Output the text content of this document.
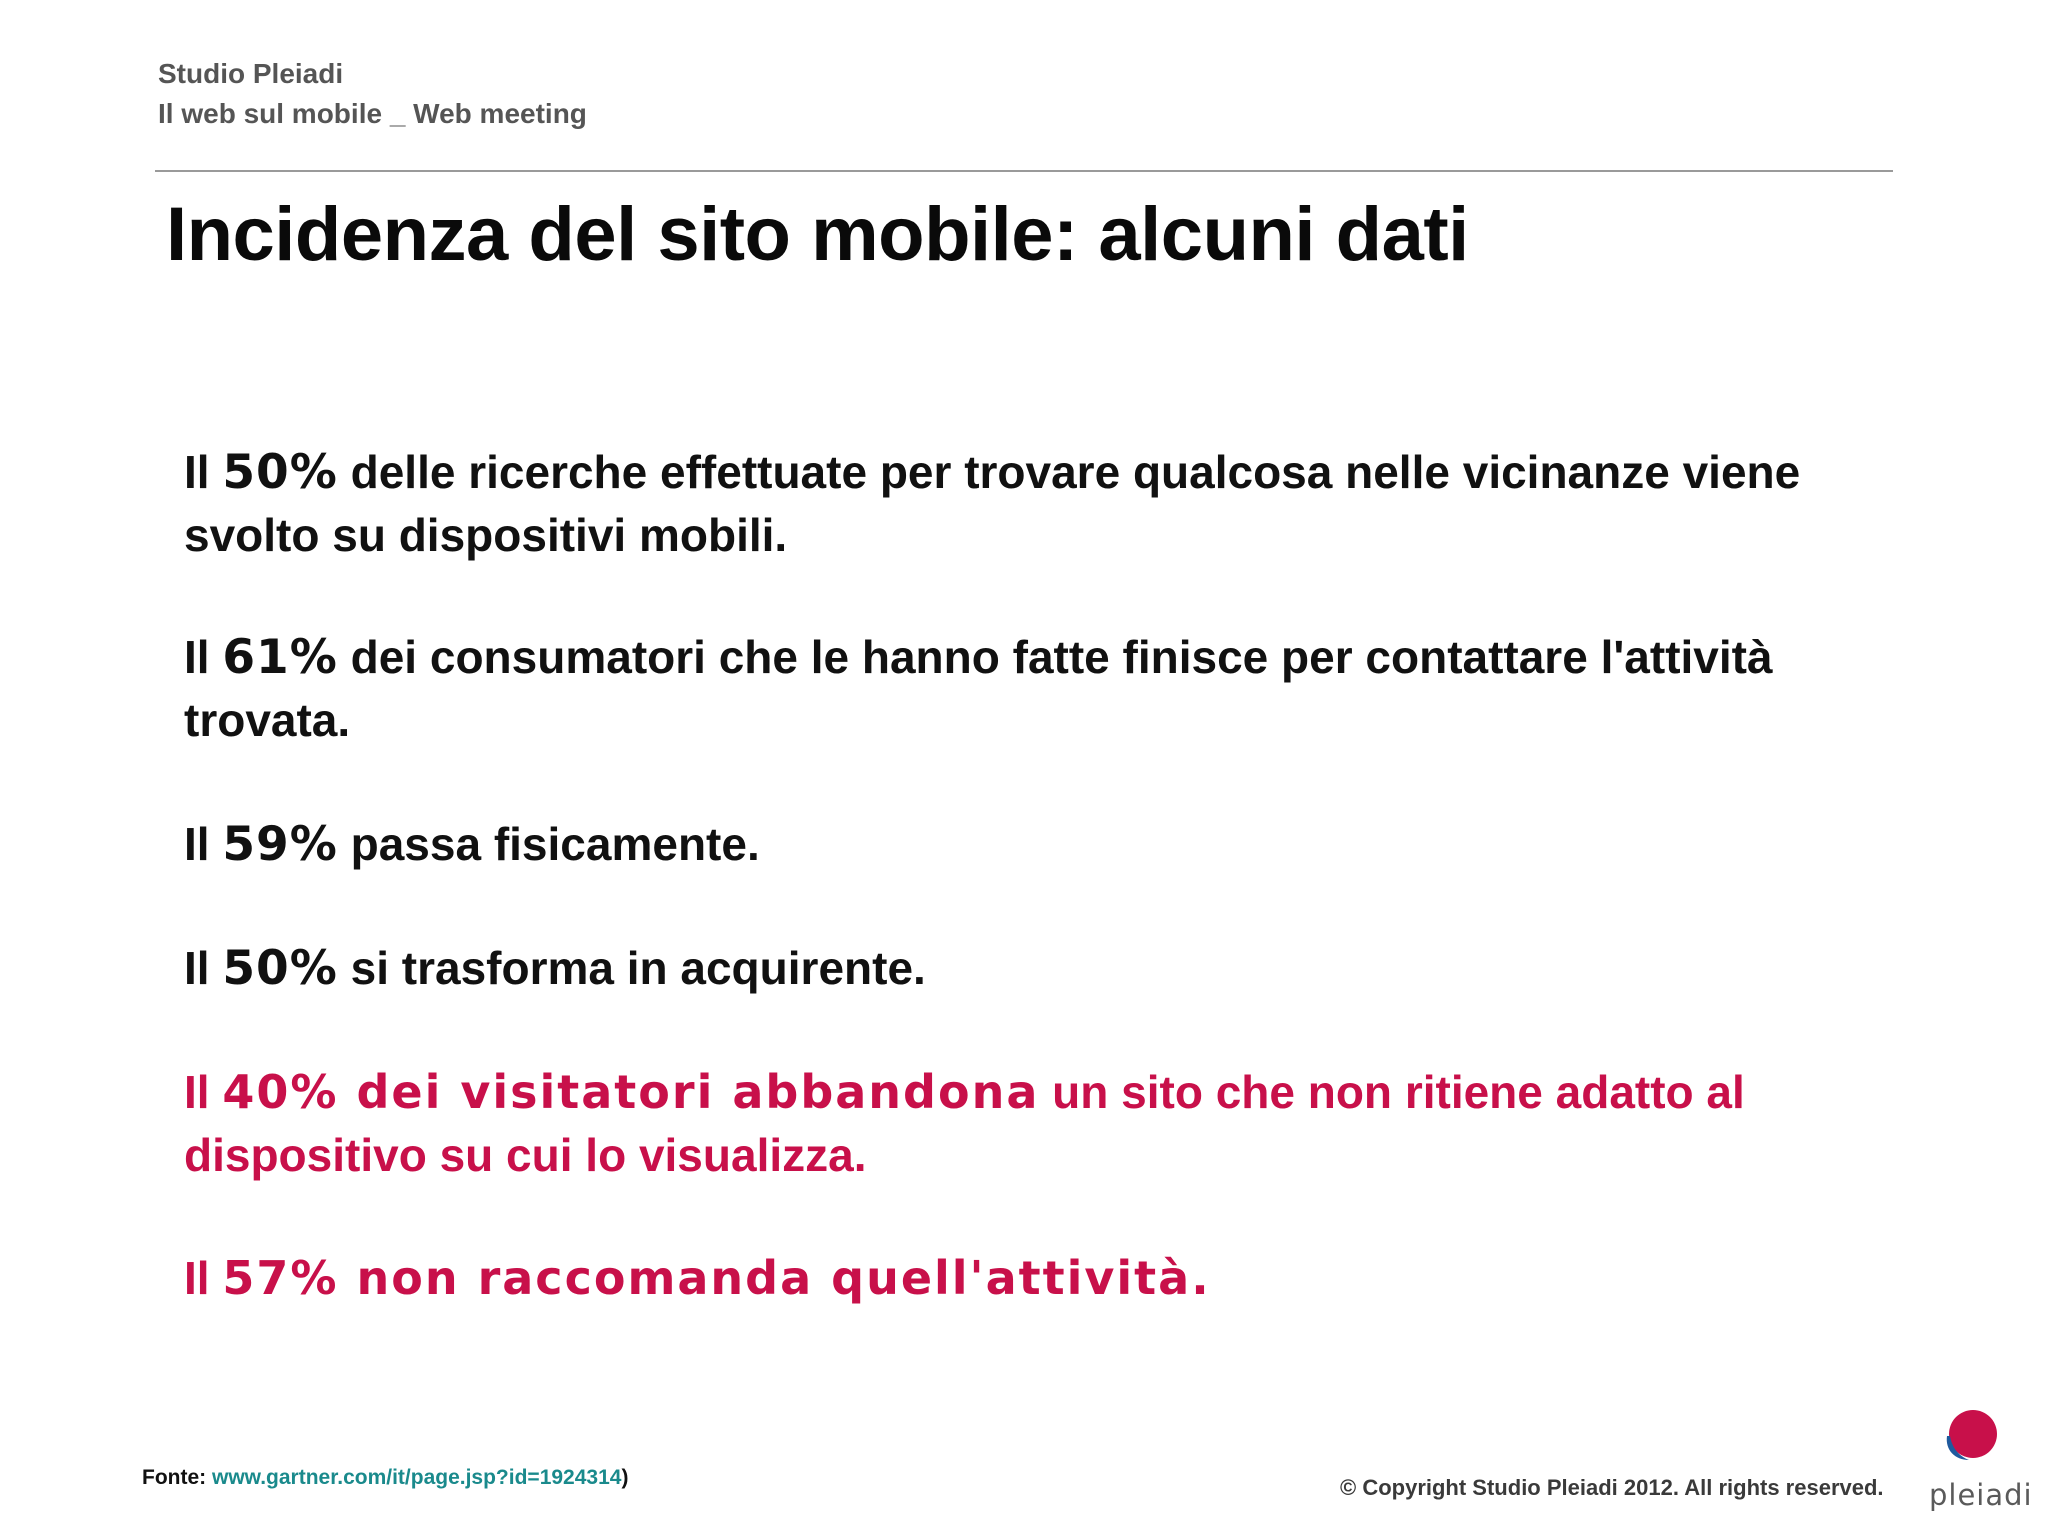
Studio Pleiadi
Il web sul mobile _ Web meeting
Incidenza del sito mobile: alcuni dati

Il 50% delle ricerche effettuate per trovare qualcosa nelle vicinanze viene svolto su dispositivi mobili.

Il 61% dei consumatori che le hanno fatte finisce per contattare l'attività trovata.

Il 59% passa fisicamente.

Il 50% si trasforma in acquirente.

Il 40% dei visitatori abbandona un sito che non ritiene adatto al dispositivo su cui lo visualizza.

Il 57% non raccomanda quell'attività.

Fonte: www.gartner.com/it/page.jsp?id=1924314)	© Copyright Studio Pleiadi 2012. All rights reserved. pleiadi
